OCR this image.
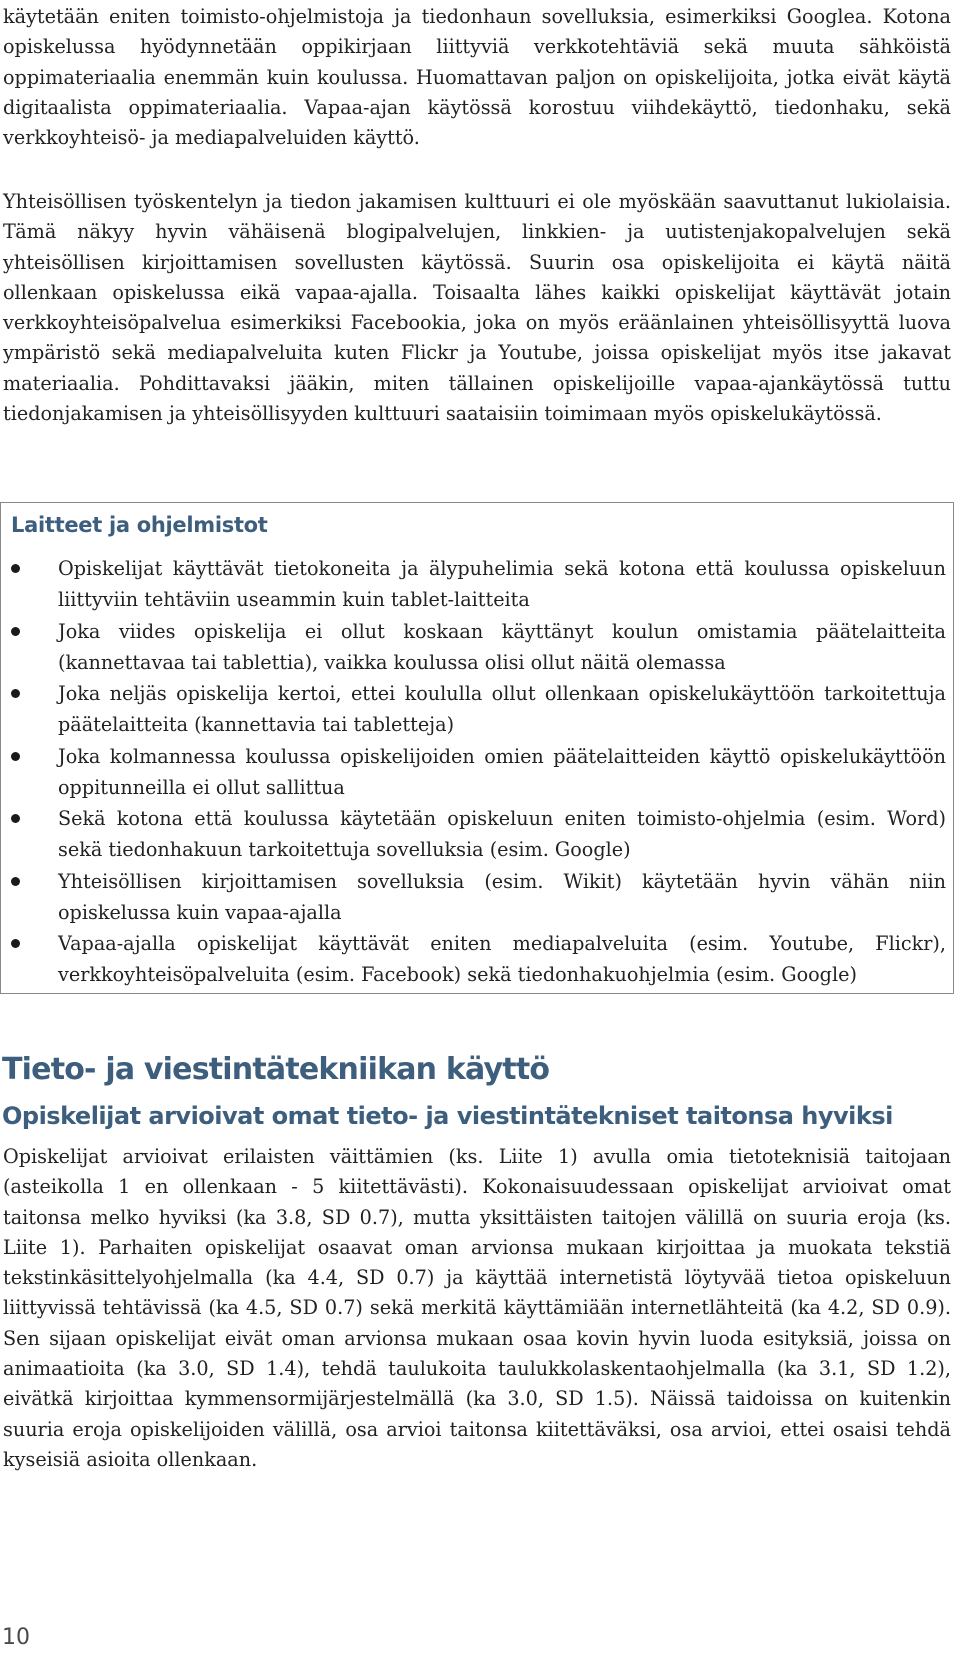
käytetään eniten toimisto-ohjelmistoja ja tiedonhaun sovelluksia, esimerkiksi Googlea. Kotona opiskelussa hyödynnetään oppikirjaan liittyviä verkkotehtäviä sekä muuta sähköistä oppimateriaalia enemmän kuin koulussa. Huomattavan paljon on opiskelijoita, jotka eivät käytä digitaalista oppimateriaalia. Vapaa-ajan käytössä korostuu viihdekäyttö, tiedonhaku, sekä verkkoyhteisö- ja mediapalveluiden käyttö.

Yhteisöllisen työskentelyn ja tiedon jakamisen kulttuuri ei ole myöskään saavuttanut lukiolaisia. Tämä näkyy hyvin vähäisenä blogipalvelujen, linkkien- ja uutistenjakopalvelujen sekä yhteisöllisen kirjoittamisen sovellusten käytössä. Suurin osa opiskelijoita ei käytä näitä ollenkaan opiskelussa eikä vapaa-ajalla. Toisaalta lähes kaikki opiskelijat käyttävät jotain verkkoyhteisöpalvelua esimerkiksi Facebookia, joka on myös eräänlainen yhteisöllisyyttä luova ympäristö sekä mediapalveluita kuten Flickr ja Youtube, joissa opiskelijat myös itse jakavat materiaalia. Pohdittavaksi jääkin, miten tällainen opiskelijoille vapaa-ajankäytössä tuttu tiedonjakamisen ja yhteisöllisyyden kulttuuri saataisiin toimimaan myös opiskelukäytössä.

Laitteet ja ohjelmistot
Opiskelijat käyttävät tietokoneita ja älypuhelimia sekä kotona että koulussa opiskeluun liittyviin tehtäviin useammin kuin tablet-laitteita
Joka viides opiskelija ei ollut koskaan käyttänyt koulun omistamia päätelaitteita (kannettavaa tai tablettia), vaikka koulussa olisi ollut näitä olemassa
Joka neljäs opiskelija kertoi, ettei koululla ollut ollenkaan opiskelukäyttöön tarkoitettuja päätelaitteita (kannettavia tai tabletteja)
Joka kolmannessa koulussa opiskelijoiden omien päätelaitteiden käyttö opiskelukäyttöön oppitunneilla ei ollut sallittua
Sekä kotona että koulussa käytetään opiskeluun eniten toimisto-ohjelmia (esim. Word) sekä tiedonhakuun tarkoitettuja sovelluksia (esim. Google)
Yhteisöllisen kirjoittamisen sovelluksia (esim. Wikit) käytetään hyvin vähän niin opiskelussa kuin vapaa-ajalla
Vapaa-ajalla opiskelijat käyttävät eniten mediapalveluita (esim. Youtube, Flickr), verkkoyhteisöpalveluita (esim. Facebook) sekä tiedonhakuohjelmia (esim. Google)
Tieto- ja viestintätekniikan käyttö
Opiskelijat arvioivat omat tieto- ja viestintätekniset taitonsa hyviksi

Opiskelijat arvioivat erilaisten väittämien (ks. Liite 1) avulla omia tietoteknisiä taitojaan (asteikolla 1 en ollenkaan - 5 kiitettävästi). Kokonaisuudessaan opiskelijat arvioivat omat taitonsa melko hyviksi (ka 3.8, SD 0.7), mutta yksittäisten taitojen välillä on suuria eroja (ks. Liite 1). Parhaiten opiskelijat osaavat oman arvionsa mukaan kirjoittaa ja muokata tekstiä tekstinkäsittelyohjelmalla (ka 4.4, SD 0.7) ja käyttää internetistä löytyvää tietoa opiskeluun liittyvissä tehtävissä (ka 4.5, SD 0.7) sekä merkitä käyttämiään internetlähteitä (ka 4.2, SD 0.9). Sen sijaan opiskelijat eivät oman arvionsa mukaan osaa kovin hyvin luoda esityksiä, joissa on animaatioita (ka 3.0, SD 1.4), tehdä taulukoita taulukkolaskentaohjelmalla (ka 3.1, SD 1.2), eivätkä kirjoittaa kymmensormijärjestelmällä (ka 3.0, SD 1.5). Näissä taidoissa on kuitenkin suuria eroja opiskelijoiden välillä, osa arvioi taitonsa kiitettäväksi, osa arvioi, ettei osaisi tehdä kyseisiä asioita ollenkaan.

10
